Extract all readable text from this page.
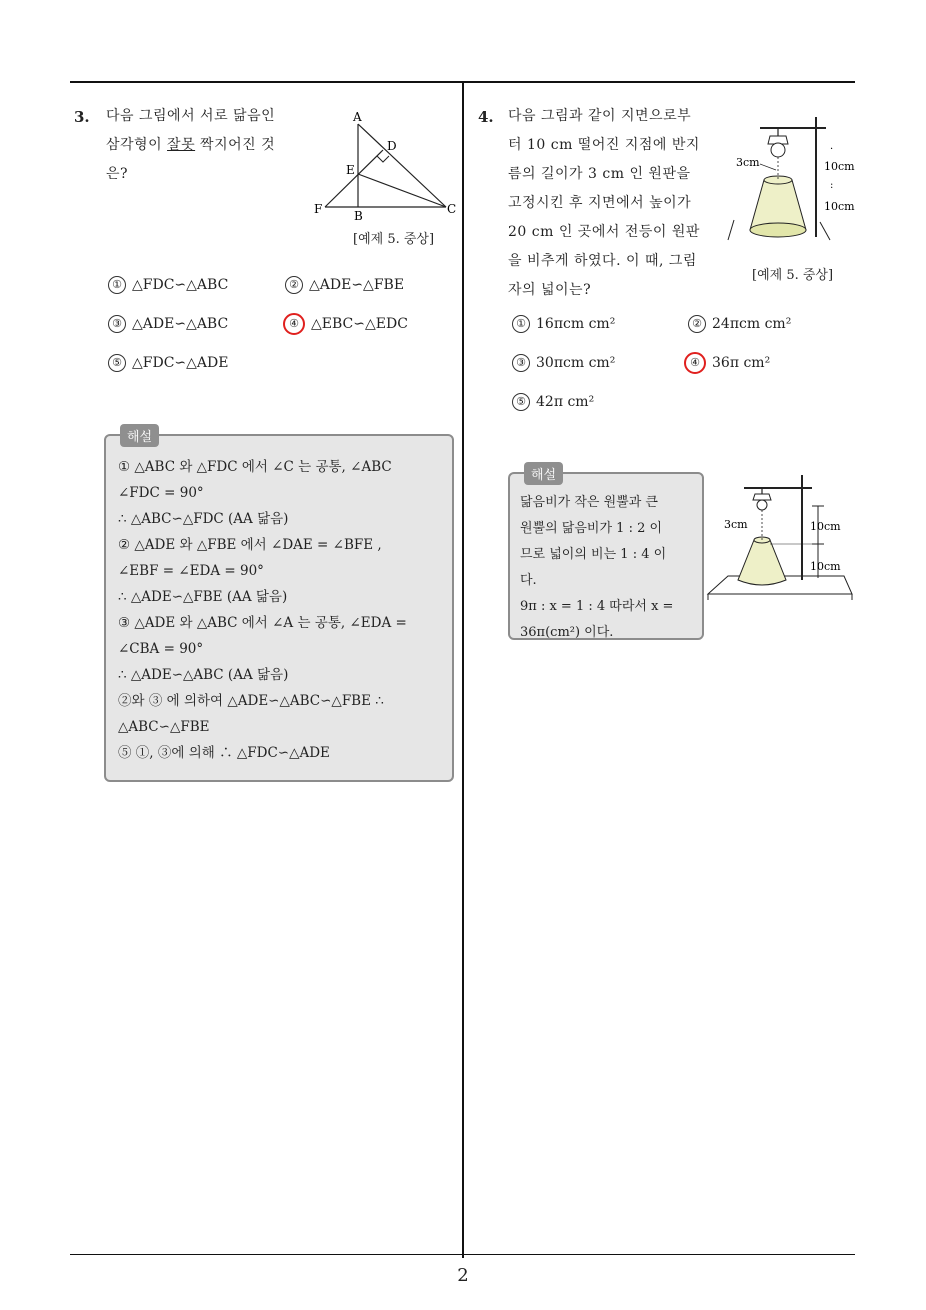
2
3. 다음 그림에서 서로 닮음인
삼각형이 잘못 짝지어진 것
은?
A
D
E
F	B	C
[예제 5. 중상]
① △FDC∽△ABC	② △ADE∽△FBE
③ △ADE∽△ABC	④ △EBC∽△EDC
⑤ △FDC∽△ADE
해설
① △ABC 와 △FDC 에서 ∠C 는 공통, ∠ABC
∠FDC = 90°
∴ △ABC∽△FDC (AA 닮음)
② △ADE 와 △FBE 에서 ∠DAE = ∠BFE ,
∠EBF = ∠EDA = 90°
∴ △ADE∽△FBE (AA 닮음)
③ △ADE 와 △ABC 에서 ∠A 는 공통, ∠EDA =
∠CBA = 90°
∴ △ADE∽△ABC (AA 닮음)
②와 ③ 에 의하여 △ADE∽△ABC∽△FBE ∴
△ABC∽△FBE
⑤ ①, ③에 의해 ∴ △FDC∽△ADE
4. 다음 그림과 같이 지면으로부
터 10 cm 떨어진 지점에 반지
름의 길이가 3 cm 인 원판을
고정시킨 후 지면에서 높이가
20 cm 인 곳에서 전등이 원판
을 비추게 하였다. 이 때, 그림
자의 넓이는?
3cm	10cm
10cm
·
:
[예제 5. 중상]
① 16πcm cm²	② 24πcm cm²
③ 30πcm cm²	④ 36π cm²
⑤ 42π cm²
해설
닮음비가 작은 원뿔과 큰
원뿔의 닮음비가 1 : 2 이
므로 넓이의 비는 1 : 4 이
다.
9π : x = 1 : 4 따라서 x =
36π(cm²) 이다.
3cm	10cm
10cm
